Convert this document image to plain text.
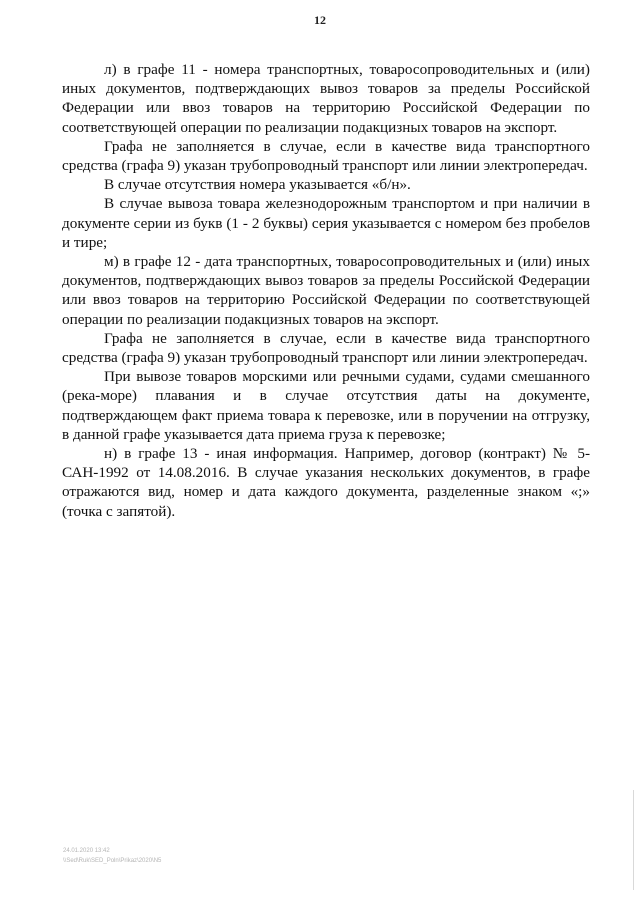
12

л) в графе 11 - номера транспортных, товаросопроводительных и (или) иных документов, подтверждающих вывоз товаров за пределы Российской Федерации или ввоз товаров на территорию Российской Федерации по соответствующей операции по реализации подакцизных товаров на экспорт.

Графа не заполняется в случае, если в качестве вида транспортного средства (графа 9) указан трубопроводный транспорт или линии электропередач.

В случае отсутствия номера указывается «б/н».

В случае вывоза товара железнодорожным транспортом и при наличии в документе серии из букв (1 - 2 буквы) серия указывается с номером без пробелов и тире;

м) в графе 12 - дата транспортных, товаросопроводительных и (или) иных документов, подтверждающих вывоз товаров за пределы Российской Федерации или ввоз товаров на территорию Российской Федерации по соответствующей операции по реализации подакцизных товаров на экспорт.

Графа не заполняется в случае, если в качестве вида транспортного средства (графа 9) указан трубопроводный транспорт или линии электропередач.

При вывозе товаров морскими или речными судами, судами смешанного (река-море) плавания и в случае отсутствия даты на документе, подтверждающем факт приема товара к перевозке, или в поручении на отгрузку, в данной графе указывается дата приема груза к перевозке;

н) в графе 13 - иная информация. Например, договор (контракт) № 5-САН-1992 от 14.08.2016. В случае указания нескольких документов, в графе отражаются вид, номер и дата каждого документа, разделенные знаком «;» (точка с запятой).

24.01.2020 13:42
\\Sed\Ruk\SED_Poln\Prikaz\2020\N5
